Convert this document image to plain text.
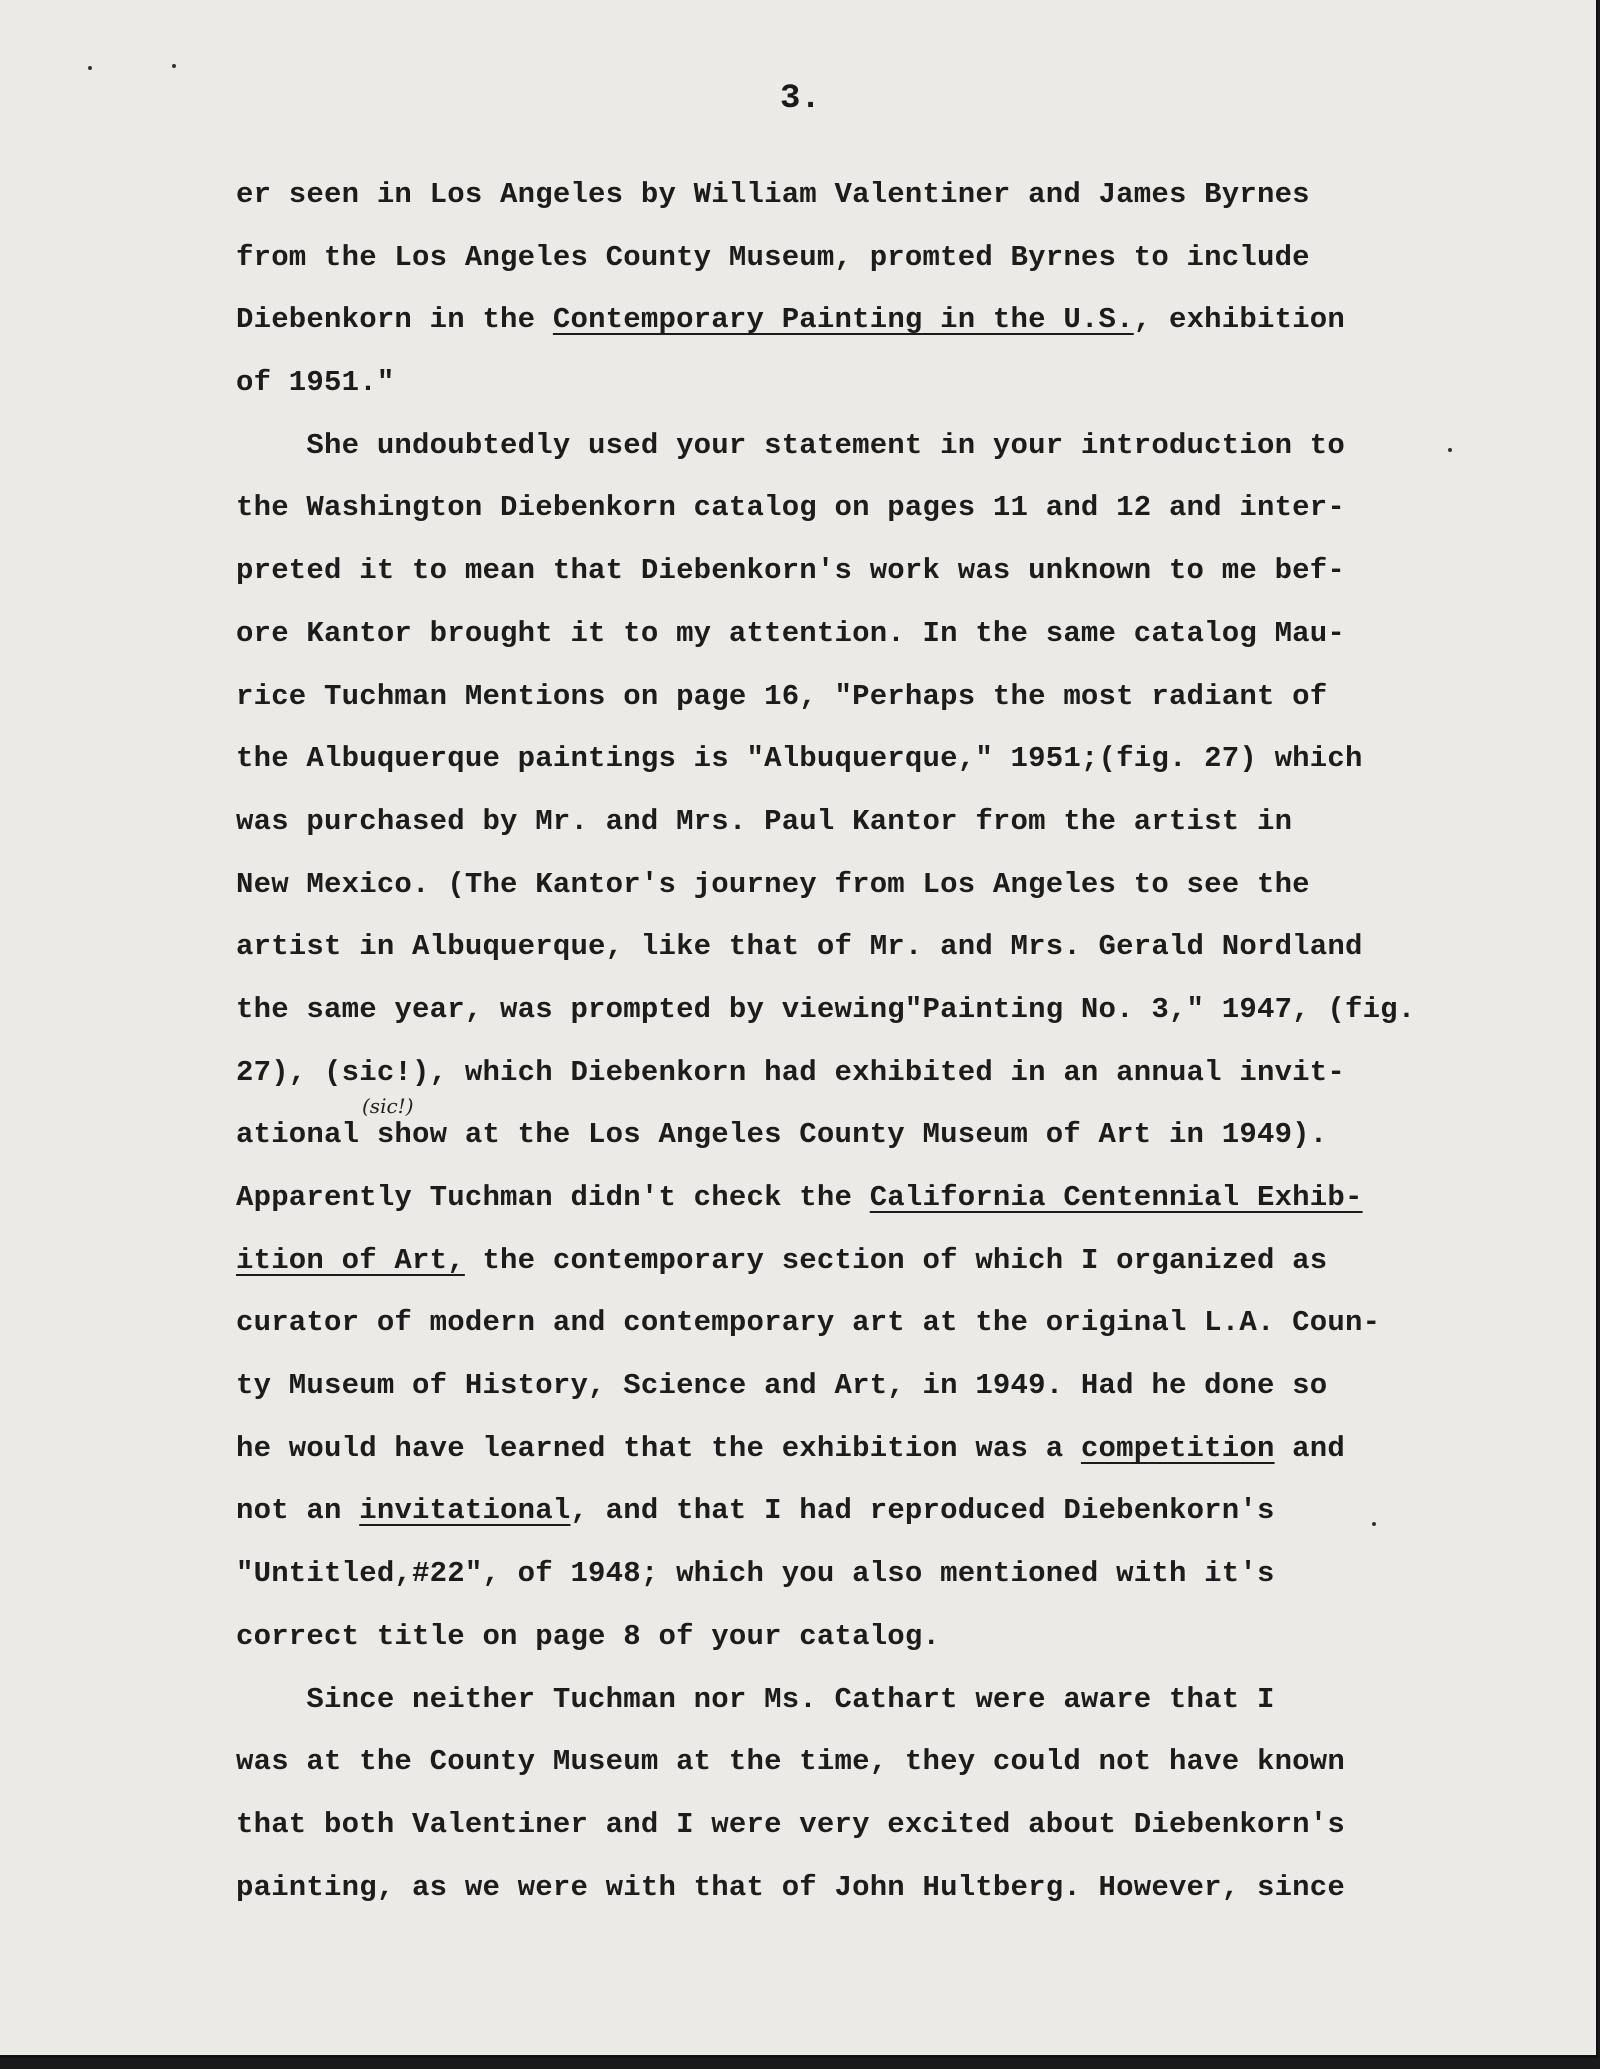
3.
(sic!)
er seen in Los Angeles by William Valentiner and James Byrnes
from the Los Angeles County Museum, promted Byrnes to include
Diebenkorn in the Contemporary Painting in the U.S., exhibition
of 1951."
She undoubtedly used your statement in your introduction to
the Washington Diebenkorn catalog on pages 11 and 12 and inter-
preted it to mean that Diebenkorn's work was unknown to me bef-
ore Kantor brought it to my attention. In the same catalog Mau-
rice Tuchman Mentions on page 16, "Perhaps the most radiant of
the Albuquerque paintings is "Albuquerque," 1951;(fig. 27) which
was purchased by Mr. and Mrs. Paul Kantor from the artist in
New Mexico. (The Kantor's journey from Los Angeles to see the
artist in Albuquerque, like that of Mr. and Mrs. Gerald Nordland
the same year, was prompted by viewing"Painting No. 3," 1947, (fig.
27), (sic!), which Diebenkorn had exhibited in an annual invit-
ational show at the Los Angeles County Museum of Art in 1949).
Apparently Tuchman didn't check the California Centennial Exhib-
ition of Art, the contemporary section of which I organized as
curator of modern and contemporary art at the original L.A. Coun-
ty Museum of History, Science and Art, in 1949. Had he done so
he would have learned that the exhibition was a competition and
not an invitational, and that I had reproduced Diebenkorn's
"Untitled,#22", of 1948; which you also mentioned with it's
correct title on page 8 of your catalog.
Since neither Tuchman nor Ms. Cathart were aware that I
was at the County Museum at the time, they could not have known
that both Valentiner and I were very excited about Diebenkorn's
painting, as we were with that of John Hultberg. However, since
